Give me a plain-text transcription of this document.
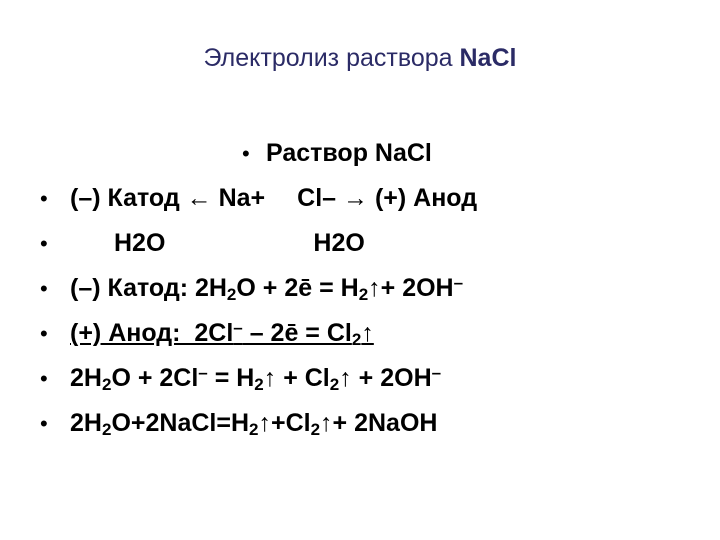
Электролиз раствора NaCl
• Раствор NaCl
• (–) Катод ← Na+ Cl– → (+) Анод
•	H2O	H2O
• (–) Катод: $2H_2O$ + 2ē = $H_2↑+ 2OH^-$
• (+) Анод:  2Cl– – 2ē = $Cl_2↑$
• $2H_2O + 2Cl^-$ = $H_2↑$ + $Cl_2↑ + 2OH^-$
• $2H_2O+2NaCl=H_2↑+Cl_2↑+$ 2NaOH
